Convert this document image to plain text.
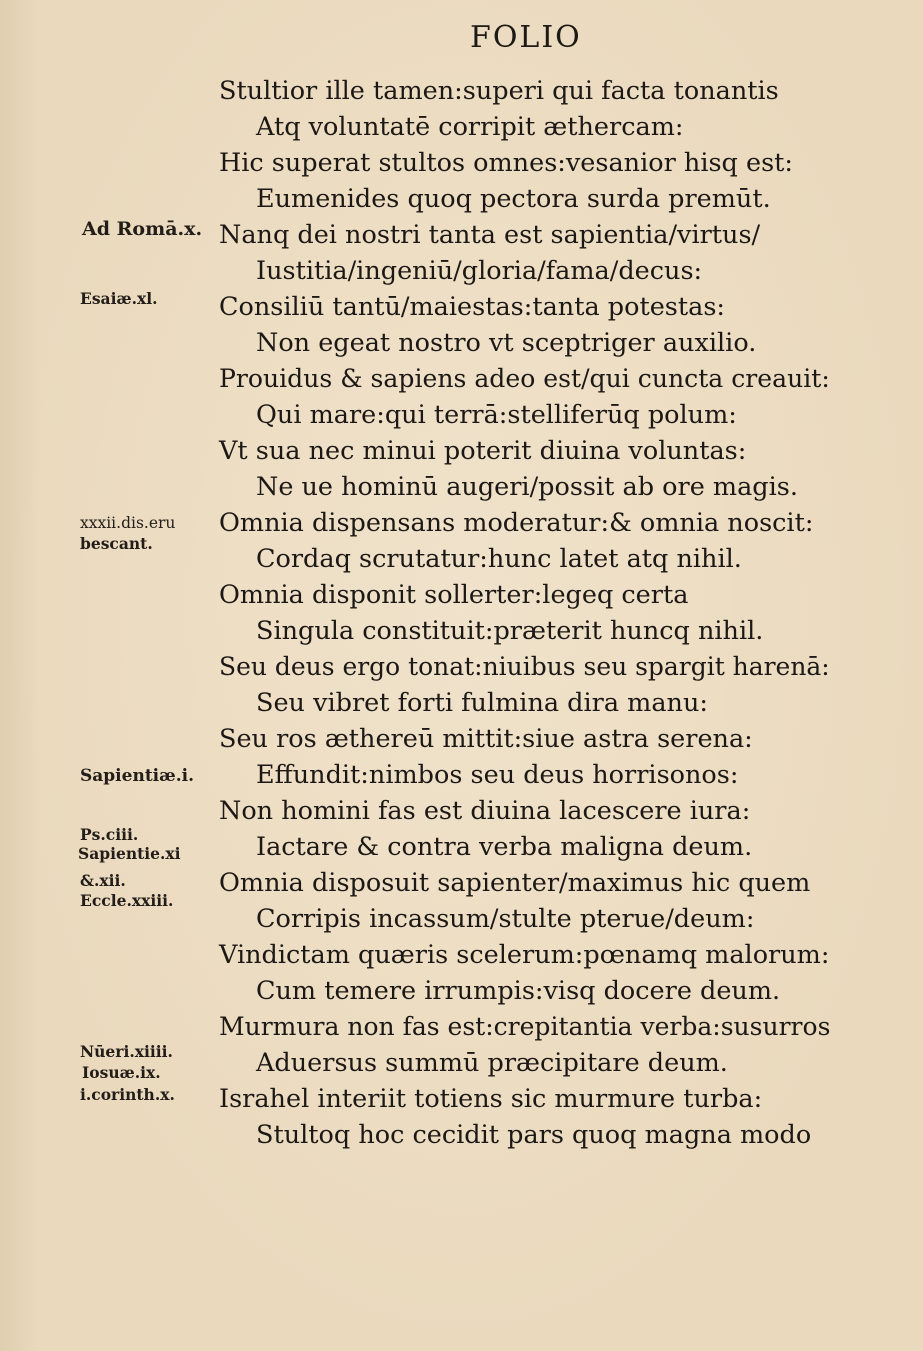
FOLIO
Stultior ille tamen:superi qui facta tonantis
Atq voluntatē corripit æthercam:
Hic superat stultos omnes:vesanior hisq est:
Eumenides quoq pectora surda premūt.
Nanq dei nostri tanta est sapientia/virtus/
Iustitia/ingeniū/gloria/fama/decus:
Consiliū tantū/maiestas:tanta potestas:
Non egeat nostro vt sceptriger auxilio.
Prouidus & sapiens adeo est/qui cuncta creauit:
Qui mare:qui terrā:stelliferūq polum:
Vt sua nec minui poterit diuina voluntas:
Ne ue hominū augeri/possit ab ore magis.
Omnia dispensans moderatur:& omnia noscit:
Cordaq scrutatur:hunc latet atq nihil.
Omnia disponit sollerter:legeq certa
Singula constituit:præterit huncq nihil.
Seu deus ergo tonat:niuibus seu spargit harenā:
Seu vibret forti fulmina dira manu:
Seu ros æthereū mittit:siue astra serena:
Effundit:nimbos seu deus horrisonos:
Non homini fas est diuina lacescere iura:
Iactare & contra verba maligna deum.
Omnia disposuit sapienter/maximus hic quem
Corripis incassum/stulte pterue/deum:
Vindictam quæris scelerum:pœnamq malorum:
Cum temere irrumpis:visq docere deum.
Murmura non fas est:crepitantia verba:susurros
Aduersus summū præcipitare deum.
Israhel interiit totiens sic murmure turba:
Stultoq hoc cecidit pars quoq magna modo
Ad Romā.x.
Esaiæ.xl.
xxxii.dis.eru
bescant.
Sapientiæ.i.
Ps.ciii.
Sapientie.xi
&.xii.
Eccle.xxiii.
Nūeri.xiiii.
Iosuæ.ix.
i.corinth.x.
